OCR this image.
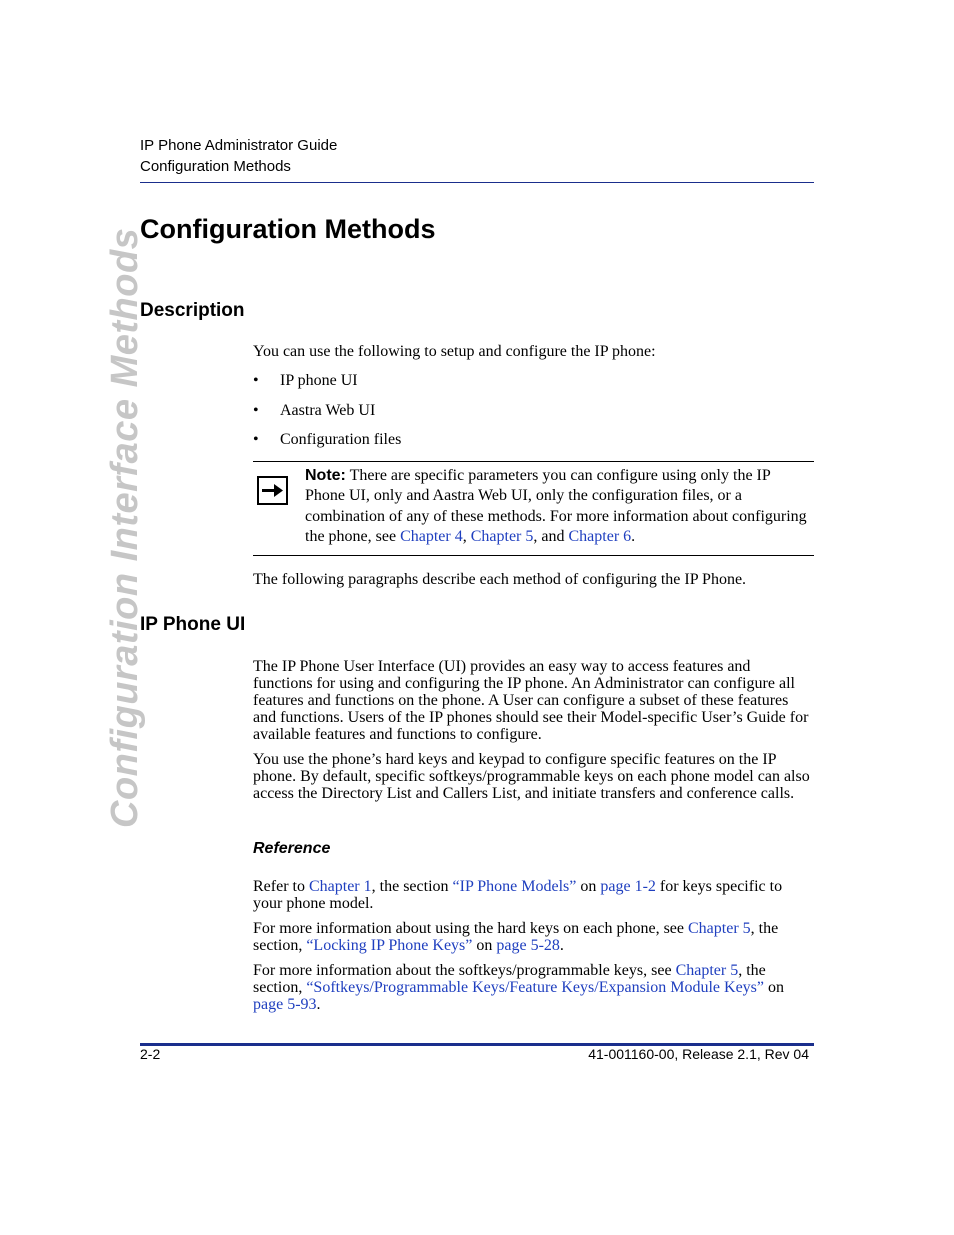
IP Phone Administrator Guide
Configuration Methods
Configuration Interface Methods
Configuration Methods
Description

You can use the following to setup and configure the IP phone:

• IP phone UI
• Aastra Web UI
• Configuration files

Note: There are specific parameters you can configure using only the IP Phone UI, only and Aastra Web UI, only the configuration files, or a combination of any of these methods. For more information about configuring the phone, see Chapter 4, Chapter 5, and Chapter 6.

The following paragraphs describe each method of configuring the IP Phone.

IP Phone UI

The IP Phone User Interface (UI) provides an easy way to access features and functions for using and configuring the IP phone. An Administrator can configure all features and functions on the phone. A User can configure a subset of these features and functions. Users of the IP phones should see their Model-specific User’s Guide for available features and functions to configure.

You use the phone’s hard keys and keypad to configure specific features on the IP phone. By default, specific softkeys/programmable keys on each phone model can also access the Directory List and Callers List, and initiate transfers and conference calls.

Reference

Refer to Chapter 1, the section “IP Phone Models” on page 1-2 for keys specific to your phone model.

For more information about using the hard keys on each phone, see Chapter 5, the section, “Locking IP Phone Keys” on page 5-28.

For more information about the softkeys/programmable keys, see Chapter 5, the section, “Softkeys/Programmable Keys/Feature Keys/Expansion Module Keys” on page 5-93.

2-2	41-001160-00, Release 2.1, Rev 04
